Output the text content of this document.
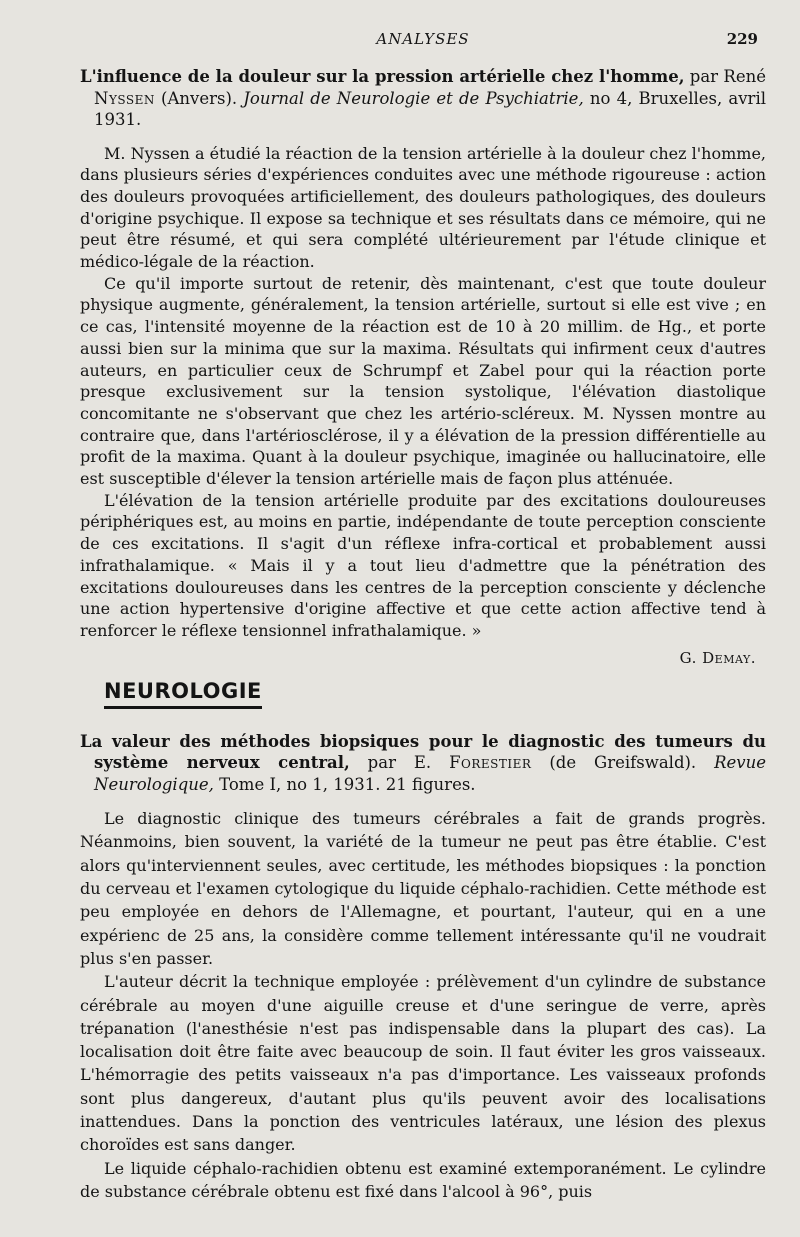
ANALYSES	229

L'influence de la douleur sur la pression artérielle chez l'homme, par René Nyssen (Anvers). Journal de Neurologie et de Psychiatrie, no 4, Bruxelles, avril 1931.

M. Nyssen a étudié la réaction de la tension artérielle à la douleur chez l'homme, dans plusieurs séries d'expériences conduites avec une méthode rigoureuse : action des douleurs provoquées artificiellement, des douleurs pathologiques, des douleurs d'origine psychique. Il expose sa technique et ses résultats dans ce mémoire, qui ne peut être résumé, et qui sera complété ultérieurement par l'étude clinique et médico-légale de la réaction.

Ce qu'il importe surtout de retenir, dès maintenant, c'est que toute douleur physique augmente, généralement, la tension artérielle, surtout si elle est vive ; en ce cas, l'intensité moyenne de la réaction est de 10 à 20 millim. de Hg., et porte aussi bien sur la minima que sur la maxima. Résultats qui infirment ceux d'autres auteurs, en particulier ceux de Schrumpf et Zabel pour qui la réaction porte presque exclusivement sur la tension systolique, l'élévation diastolique concomitante ne s'observant que chez les artério-scléreux. M. Nyssen montre au contraire que, dans l'artériosclérose, il y a élévation de la pression différentielle au profit de la maxima. Quant à la douleur psychique, imaginée ou hallucinatoire, elle est susceptible d'élever la tension artérielle mais de façon plus atténuée.

L'élévation de la tension artérielle produite par des excitations douloureuses périphériques est, au moins en partie, indépendante de toute perception consciente de ces excitations. Il s'agit d'un réflexe infra-cortical et probablement aussi infrathalamique. « Mais il y a tout lieu d'admettre que la pénétration des excitations douloureuses dans les centres de la perception consciente y déclenche une action hypertensive d'origine affective et que cette action affective tend à renforcer le réflexe tensionnel infrathalamique. »

G. Demay.
NEUROLOGIE

La valeur des méthodes biopsiques pour le diagnostic des tumeurs du système nerveux central, par E. Forestier (de Greifswald). Revue Neurologique, Tome I, no 1, 1931. 21 figures.

Le diagnostic clinique des tumeurs cérébrales a fait de grands progrès. Néanmoins, bien souvent, la variété de la tumeur ne peut pas être établie. C'est alors qu'interviennent seules, avec certitude, les méthodes biopsiques : la ponction du cerveau et l'examen cytologique du liquide céphalo-rachidien. Cette méthode est peu employée en dehors de l'Allemagne, et pourtant, l'auteur, qui en a une expérienc de 25 ans, la considère comme tellement intéressante qu'il ne voudrait plus s'en passer.

L'auteur décrit la technique employée : prélèvement d'un cylindre de substance cérébrale au moyen d'une aiguille creuse et d'une seringue de verre, après trépanation (l'anesthésie n'est pas indispensable dans la plupart des cas). La localisation doit être faite avec beaucoup de soin. Il faut éviter les gros vaisseaux. L'hémorragie des petits vaisseaux n'a pas d'importance. Les vaisseaux profonds sont plus dangereux, d'autant plus qu'ils peuvent avoir des localisations inattendues. Dans la ponction des ventricules latéraux, une lésion des plexus choroïdes est sans danger.

Le liquide céphalo-rachidien obtenu est examiné extemporanément. Le cylindre de substance cérébrale obtenu est fixé dans l'alcool à 96°, puis
